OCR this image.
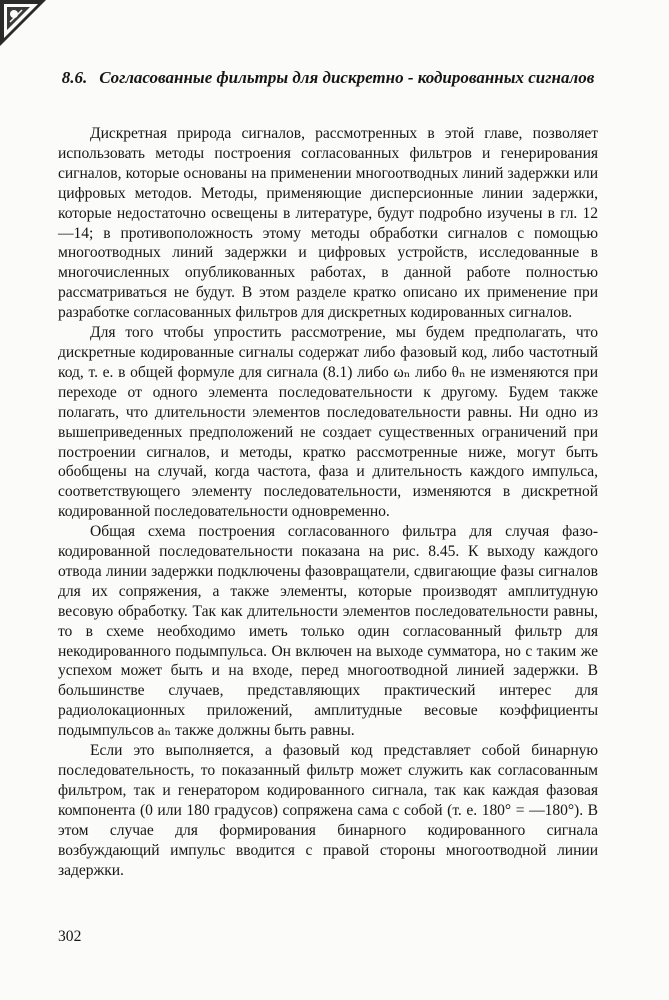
8.6. Согласованные фильтры для дискретно - кодированных сигналов

Дискретная природа сигналов, рассмотренных в этой главе, позволяет использовать методы построения согласованных фильтров и генерирования сигналов, которые основаны на применении многоотводных линий задержки или цифровых методов. Методы, применяющие дисперсионные линии задержки, которые недостаточно освещены в литературе, будут подробно изучены в гл. 12—14; в противоположность этому методы обработки сигналов с помощью многоотводных линий задержки и цифровых устройств, исследованные в многочисленных опубликованных работах, в данной работе полностью рассматриваться не будут. В этом разделе кратко описано их применение при разработке согласованных фильтров для дискретных кодированных сигналов.

Для того чтобы упростить рассмотрение, мы будем предполагать, что дискретные кодированные сигналы содержат либо фазовый код, либо частотный код, т. е. в общей формуле для сигнала (8.1) либо ωₙ либо θₙ не изменяются при переходе от одного элемента последовательности к другому. Будем также полагать, что длительности элементов последовательности равны. Ни одно из вышеприведенных предположений не создает существенных ограничений при построении сигналов, и методы, кратко рассмотренные ниже, могут быть обобщены на случай, когда частота, фаза и длительность каждого импульса, соответствующего элементу последовательности, изменяются в дискретной кодированной последовательности одновременно.

Общая схема построения согласованного фильтра для случая фазо-кодированной последовательности показана на рис. 8.45. К выходу каждого отвода линии задержки подключены фазовращатели, сдвигающие фазы сигналов для их сопряжения, а также элементы, которые производят амплитудную весовую обработку. Так как длительности элементов последовательности равны, то в схеме необходимо иметь только один согласованный фильтр для некодированного подымпульса. Он включен на выходе сумматора, но с таким же успехом может быть и на входе, перед многоотводной линией задержки. В большинстве случаев, представляющих практический интерес для радиолокационных приложений, амплитудные весовые коэффициенты подымпульсов aₙ также должны быть равны.

Если это выполняется, а фазовый код представляет собой бинарную последовательность, то показанный фильтр может служить как согласованным фильтром, так и генератором кодированного сигнала, так как каждая фазовая компонента (0 или 180 градусов) сопряжена сама с собой (т. е. 180° = —180°). В этом случае для формирования бинарного кодированного сигнала возбуждающий импульс вводится с правой стороны многоотводной линии задержки.

302
